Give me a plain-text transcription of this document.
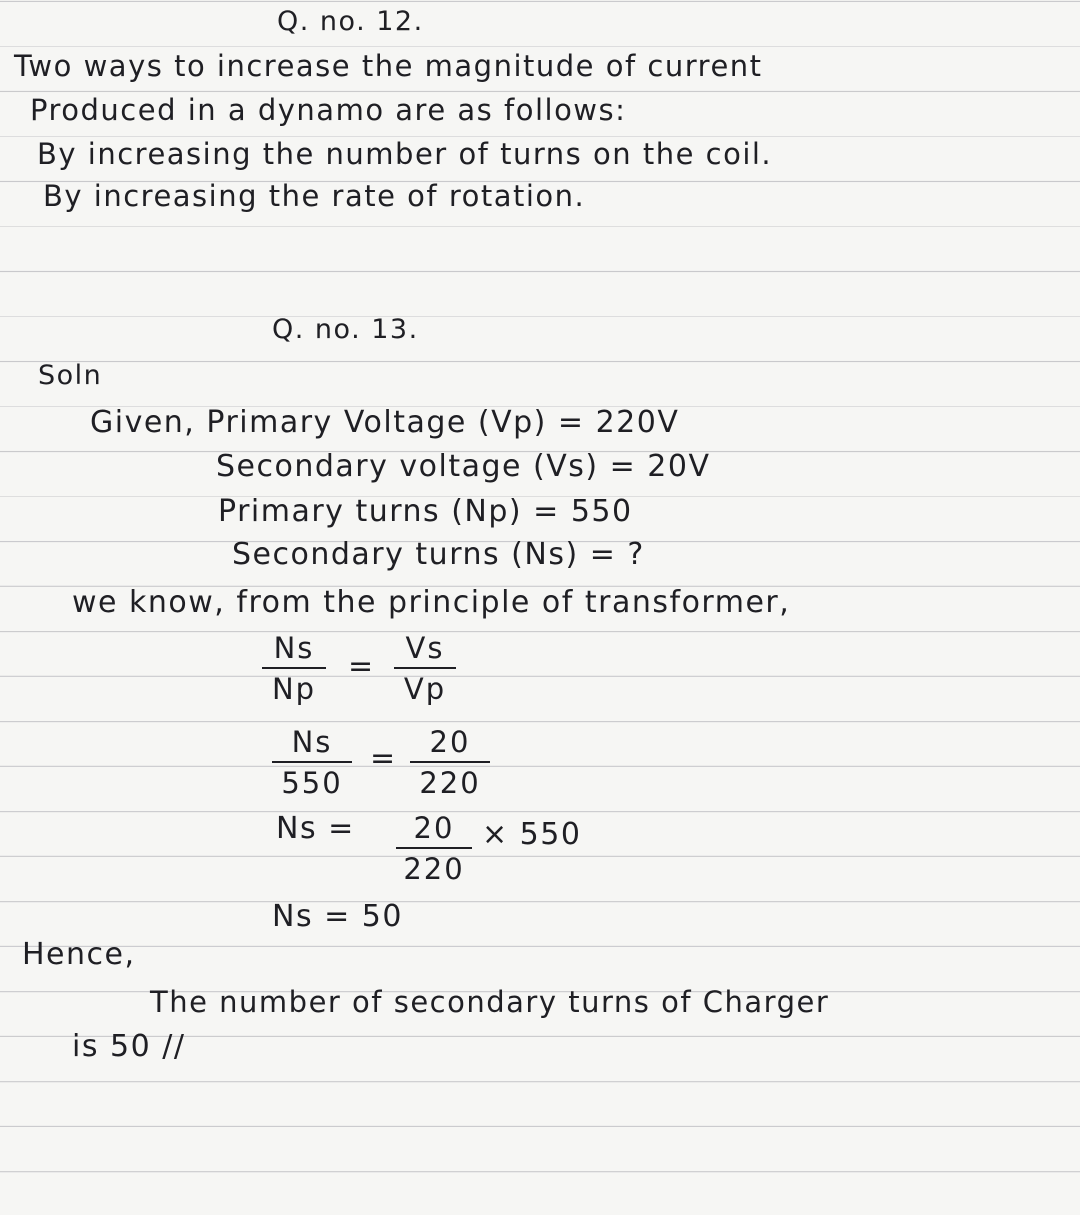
Q. no. 12.
Two ways to increase the magnitude of current
Produced in a dynamo are as follows:
By increasing the number of turns on the coil.
By increasing the rate of rotation.
Q. no. 13.
Soln
Given, Primary Voltage (Vp) = 220V
Secondary voltage (Vs) = 20V
Primary turns (Np) = 550
Secondary turns (Ns) = ?
we know, from the principle of transformer,
Ns
Np
=
Vs
Vp
Ns
550
=	20
220
Ns =	20
220
× 550
Ns = 50
Hence,
The number of secondary turns of Charger
is 50 //
